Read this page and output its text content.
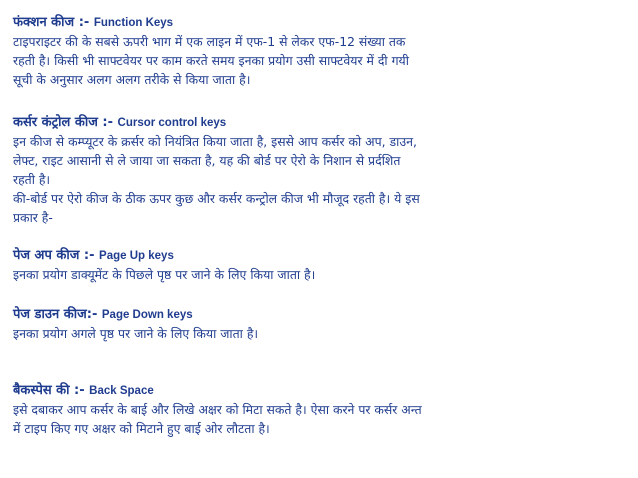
फंक्शन कीज :- Function Keys
टाइपराइटर की के सबसे ऊपरी भाग में एक लाइन में एफ-1 से लेकर एफ-12 संख्या तक
रहती है। किसी भी साफ्टवेयर पर काम करते समय इनका प्रयोग उसी साफ्टवेयर में दी गयी
सूची के अनुसार अलग अलग तरीके से किया जाता है।
कर्सर कंट्रोल कीज :- Cursor control keys
इन कीज से कम्प्यूटर के क्रर्सर को नियंत्रित किया जाता है, इससे आप कर्सर को अप, डाउन,
लेफ्ट, राइट आसानी से ले जाया जा सकता है, यह की बोर्ड पर ऐरो के निशान से प्रर्दशित
रहती है।
की-बोर्ड पर ऐरो कीज के ठीक ऊपर कुछ और कर्सर कन्ट्रोल कीज भी मौजूद रहती है। ये इस
प्रकार है-
पेज अप कीज :- Page Up keys
इनका प्रयोग डाक्यूमेंट के पिछले पृष्ठ पर जाने के लिए किया जाता है।
पेज डाउन कीज:- Page Down keys
इनका प्रयोग अगले पृष्ठ पर जाने के लिए किया जाता है।
बैकस्पेस की :- Back Space
इसे दबाकर आप कर्सर के बाई और लिखे अक्षर को मिटा सकते है। ऐसा करने पर कर्सर अन्त
में टाइप किए गए अक्षर को मिटाने हुए बाई ओर लौटता है।
